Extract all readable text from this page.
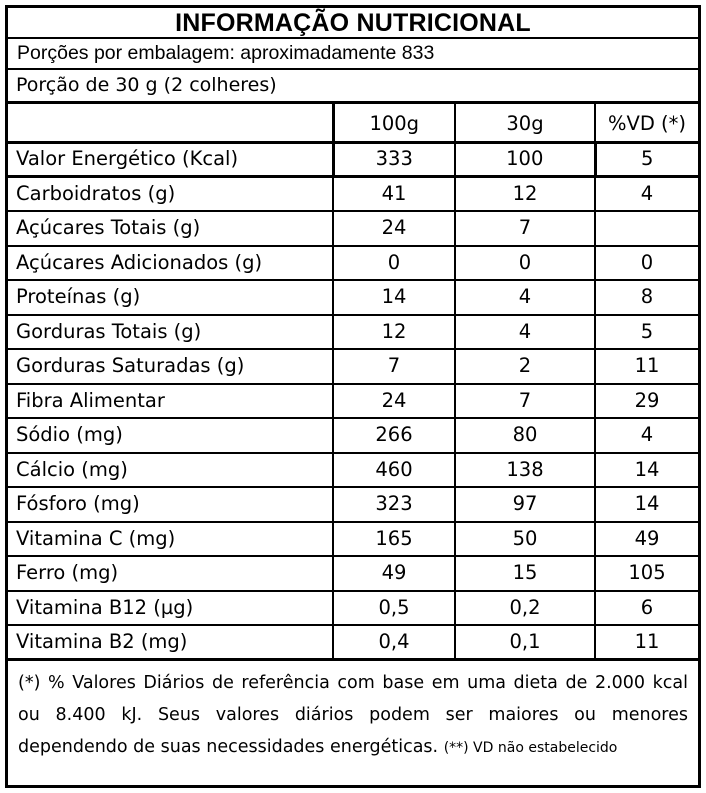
INFORMAÇÃO NUTRICIONAL
Porções por embalagem: aproximadamente 833
Porção de 30 g (2 colheres)
	100g	30g	%VD (*)
Valor Energético (Kcal)	333	100	5
Carboidratos (g)	41	12	4
Açúcares Totais (g)	24	7	
Açúcares Adicionados (g)	0	0	0
Proteínas (g)	14	4	8
Gorduras Totais (g)	12	4	5
Gorduras Saturadas (g)	7	2	11
Fibra Alimentar	24	7	29
Sódio (mg)	266	80	4
Cálcio (mg)	460	138	14
Fósforo (mg)	323	97	14
Vitamina C (mg)	165	50	49
Ferro (mg)	49	15	105
Vitamina B12 (µg)	0,5	0,2	6
Vitamina B2 (mg)	0,4	0,1	11
(*) % Valores Diários de referência com base em uma dieta de 2.000 kcal ou 8.400 kJ. Seus valores diários podem ser maiores ou menores dependendo de suas necessidades energéticas. (**) VD não estabelecido
